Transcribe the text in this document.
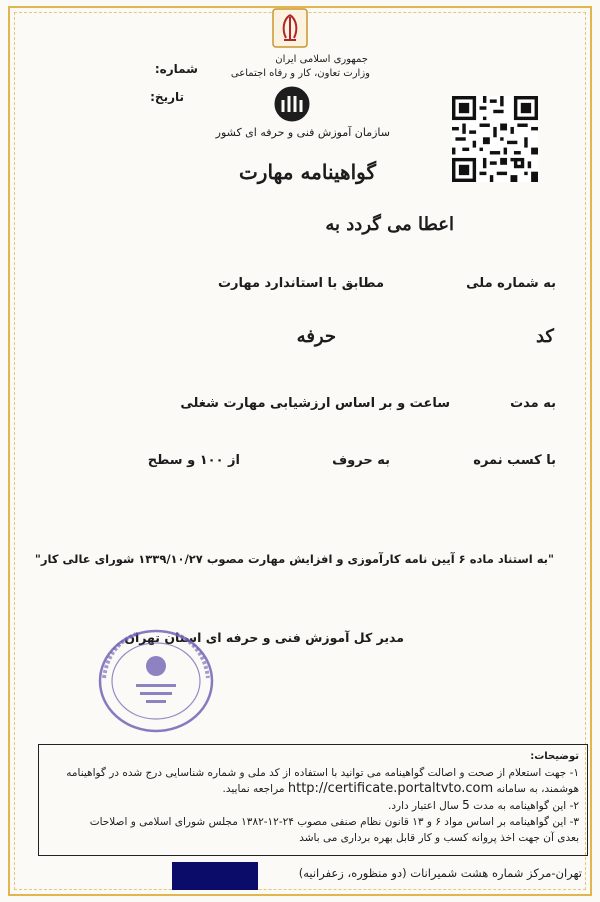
جمهوری اسلامی ایران
وزارت تعاون، کار و رفاه اجتماعی
شماره:
تاریخ:
سازمان آموزش فنی و حرفه ای کشور
گواهینامه مهارت
اعطا می گردد به
به شماره ملی
مطابق با استاندارد مهارت
کد
حرفه
به مدت
ساعت و بر اساس ارزشیابی مهارت شغلی
با کسب نمره
به حروف
از ۱۰۰ و سطح
"به استناد ماده ۶ آیین نامه کارآموزی و افزایش مهارت مصوب ۱۳۳۹/۱۰/۲۷ شورای عالی کار"
مدیر کل آموزش فنی و حرفه ای استان تهران
توضیحات:
۱- جهت استعلام از صحت و اصالت گواهینامه می توانید با استفاده از کد ملی و شماره شناسایی درج شده در گواهینامه
هوشمند، به سامانه http://certificate.portaltvto.com مراجعه نمایید.
۲- این گواهینامه به مدت 5 سال اعتبار دارد.
۳- این گواهینامه بر اساس مواد ۶ و ۱۳ قانون نظام صنفی مصوب ۲۴-۱۲-۱۳۸۲ مجلس شورای اسلامی و اصلاحات
بعدی آن جهت اخذ پروانه کسب و کار قابل بهره برداری می باشد
تهران-مرکز شماره هشت شمیرانات (دو منظوره، زعفرانیه)
